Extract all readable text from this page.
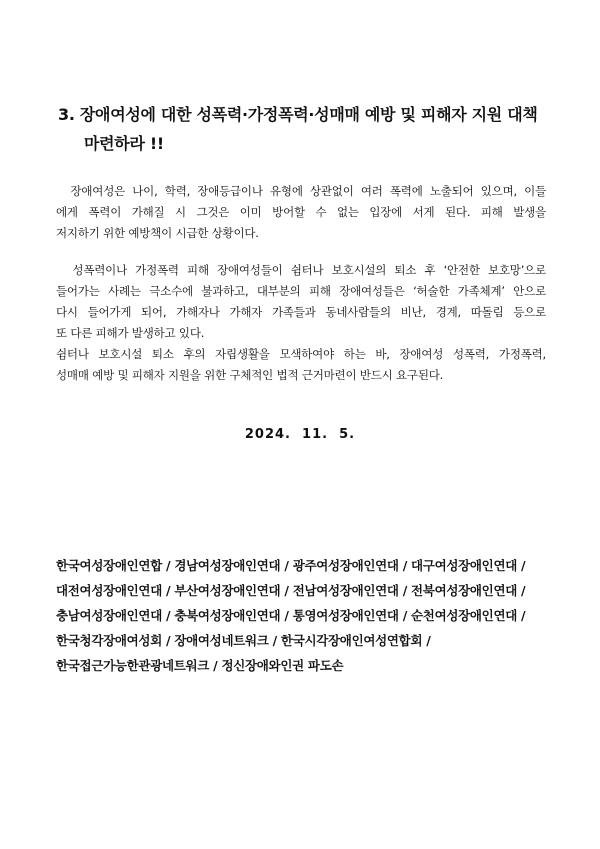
3. 장애여성에 대한 성폭력·가정폭력·성매매 예방 및 피해자 지원 대책
마련하라 !!
장애여성은 나이, 학력, 장애등급이나 유형에 상관없이 여러 폭력에 노출되어 있으며, 이들
에게 폭력이 가해질 시 그것은 이미 방어할 수 없는 입장에 서게 된다. 피해 발생을
저지하기 위한 예방책이 시급한 상황이다.
성폭력이나 가정폭력 피해 장애여성들이 쉼터나 보호시설의 퇴소 후 ‘안전한 보호망’으로
들어가는 사례는 극소수에 불과하고, 대부분의 피해 장애여성들은 ‘허술한 가족체계’ 안으로
다시 들어가게 되어, 가해자나 가해자 가족들과 동네사람들의 비난, 경계, 따돌림 등으로
또 다른 피해가 발생하고 있다.
쉼터나 보호시설 퇴소 후의 자립생활을 모색하여야 하는 바, 장애여성 성폭력, 가정폭력,
성매매 예방 및 피해자 지원을 위한 구체적인 법적 근거마련이 반드시 요구된다.
2024.  11.  5.
한국여성장애인연합 / 경남여성장애인연대 / 광주여성장애인연대 / 대구여성장애인연대 /
대전여성장애인연대 / 부산여성장애인연대 / 전남여성장애인연대 / 전북여성장애인연대 /
충남여성장애인연대 / 충북여성장애인연대 / 통영여성장애인연대 / 순천여성장애인연대 /
한국청각장애여성회 / 장애여성네트워크 / 한국시각장애인여성연합회 /
한국접근가능한관광네트워크 / 정신장애와인권 파도손
